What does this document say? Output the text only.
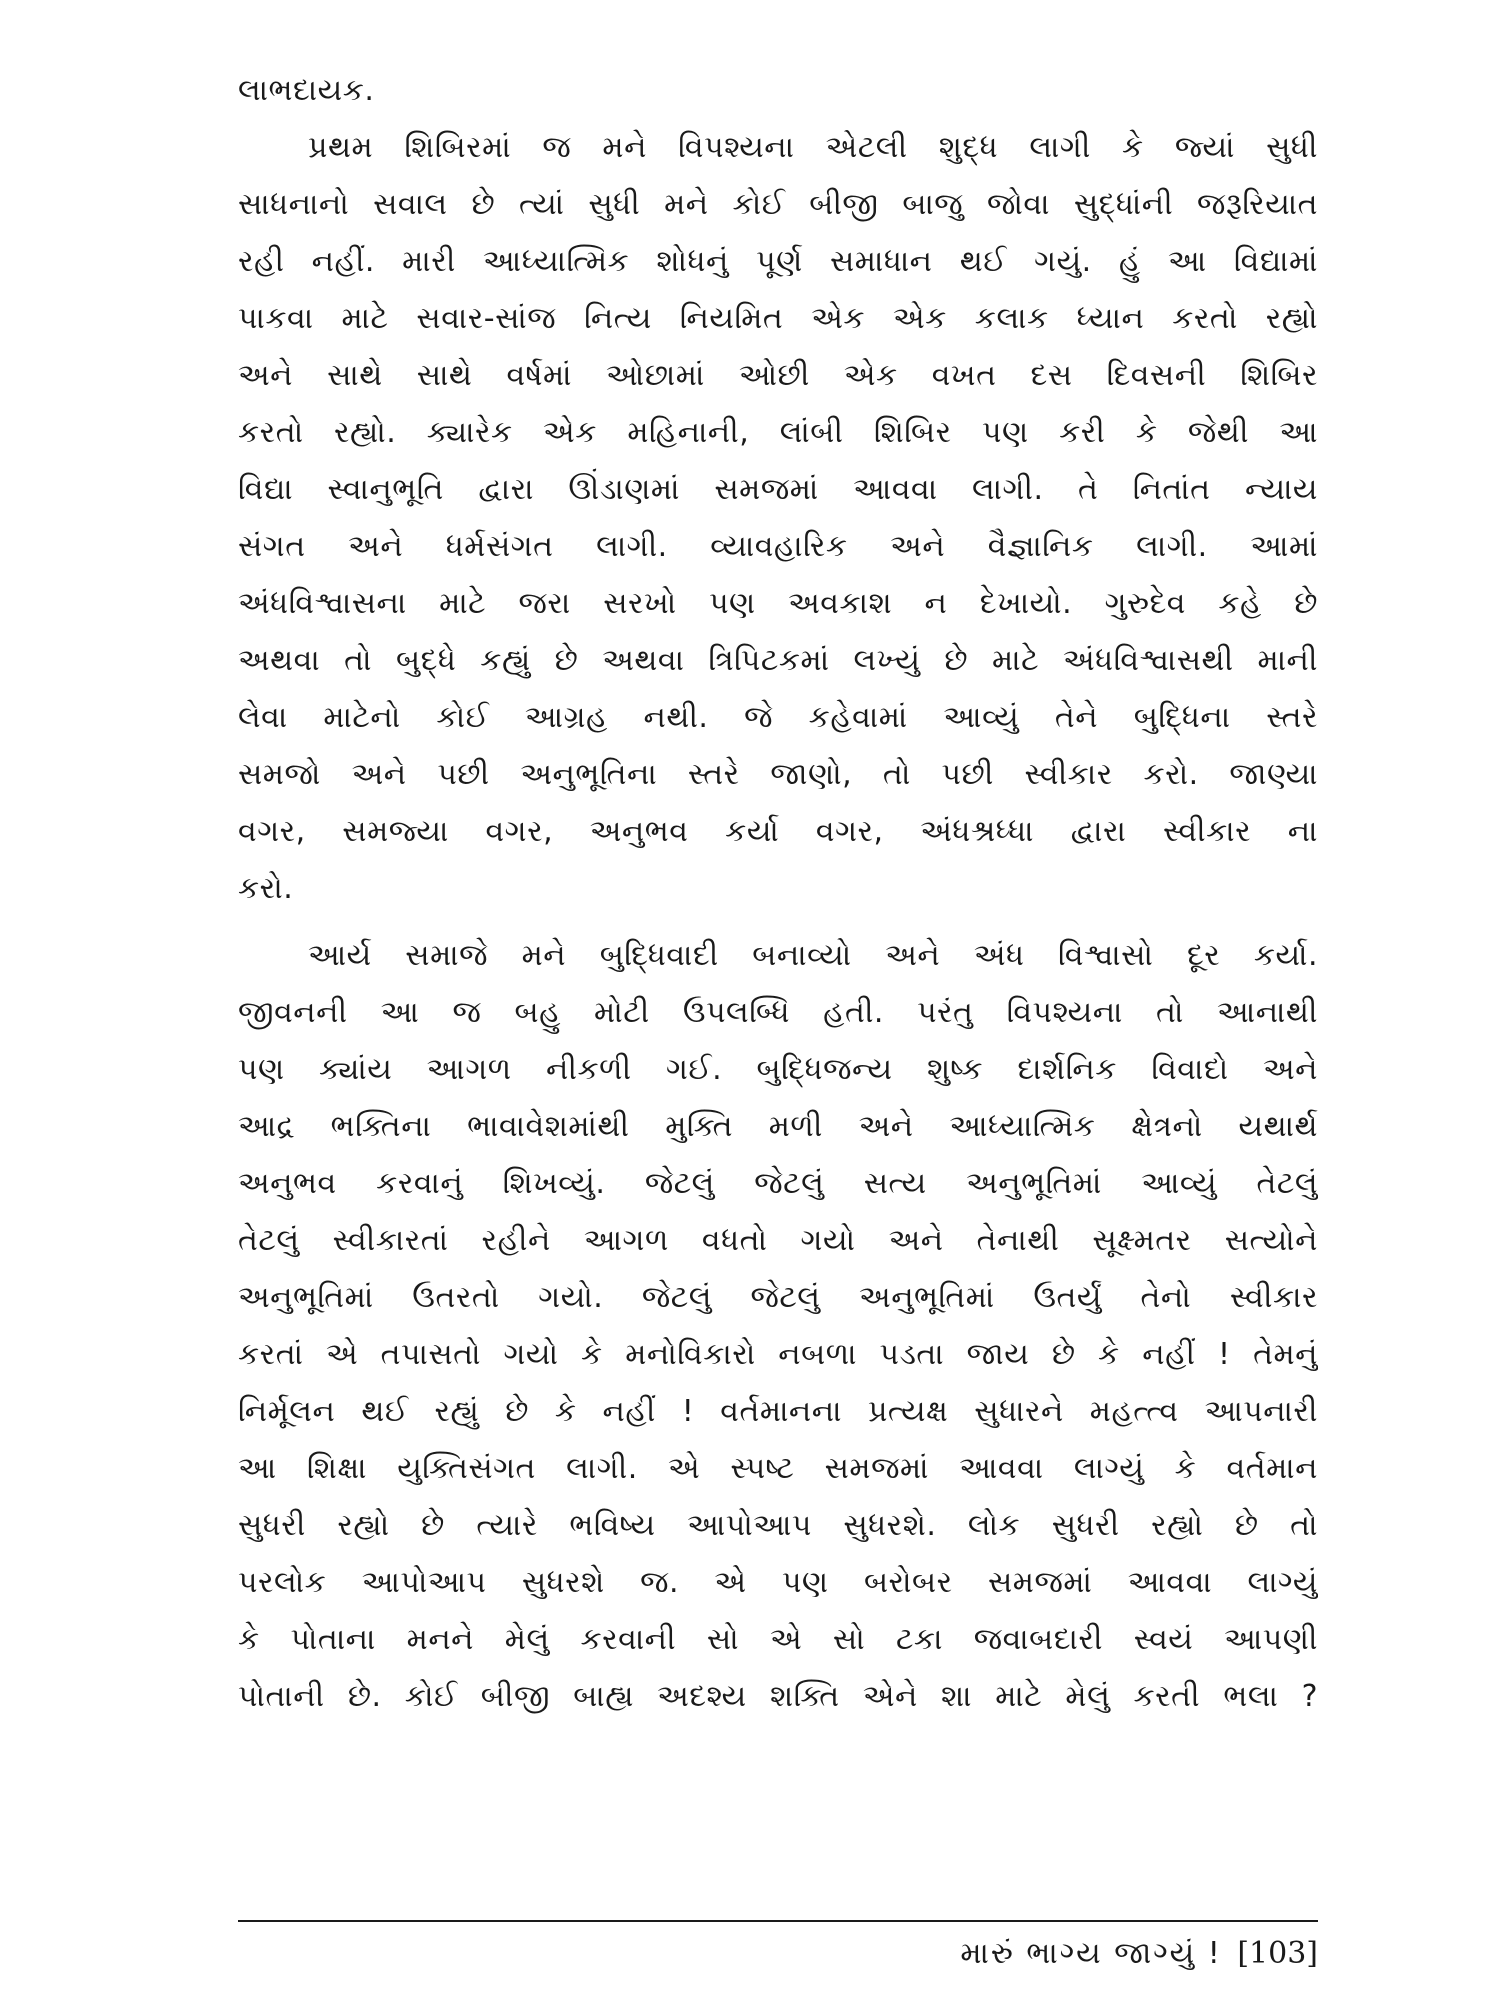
લાભદાયક.
પ્રથમ શિબિરમાં જ મને વિપશ્યના એટલી શુદ્ધ લાગી કે જ્યાં સુધી
સાધનાનો સવાલ છે ત્યાં સુધી મને કોઈ બીજી બાજુ જોવા સુદ્ધાંની જરૂરિયાત
રહી નહીં. મારી આધ્યાત્મિક શોધનું પૂર્ણ સમાધાન થઈ ગયું. હું આ વિદ્યામાં
પાકવા માટે સવાર-સાંજ નિત્ય નિયમિત એક એક કલાક ધ્યાન કરતો રહ્યો
અને સાથે સાથે વર્ષમાં ઓછામાં ઓછી એક વખત દસ દિવસની શિબિર
કરતો રહ્યો. ક્યારેક એક મહિનાની, લાંબી શિબિર પણ કરી કે જેથી આ
વિદ્યા સ્વાનુભૂતિ દ્વારા ઊંડાણમાં સમજમાં આવવા લાગી. તે નિતાંત ન્યાય
સંગત અને ધર્મસંગત લાગી. વ્યાવહારિક અને વૈજ્ઞાનિક લાગી. આમાં
અંધવિશ્વાસના માટે જરા સરખો પણ અવકાશ ન દેખાયો. ગુરુદેવ કહે છે
અથવા તો બુદ્ધે કહ્યું છે અથવા ત્રિપિટકમાં લખ્યું છે માટે અંધવિશ્વાસથી માની
લેવા માટેનો કોઈ આગ્રહ નથી. જે કહેવામાં આવ્યું તેને બુદ્ધિના સ્તરે
સમજો અને પછી અનુભૂતિના સ્તરે જાણો, તો પછી સ્વીકાર કરો. જાણ્યા
વગર, સમજ્યા વગર, અનુભવ કર્યા વગર, અંધશ્રધ્ધા દ્વારા સ્વીકાર ના
કરો.
આર્ય સમાજે મને બુદ્ધિવાદી બનાવ્યો અને અંધ વિશ્વાસો દૂર કર્યા.
જીવનની આ જ બહુ મોટી ઉપલબ્ધિ હતી. પરંતુ વિપશ્યના તો આનાથી
પણ ક્યાંય આગળ નીકળી ગઈ. બુદ્ધિજન્ય શુષ્ક દાર્શનિક વિવાદો અને
આદ્ર ભક્તિના ભાવાવેશમાંથી મુક્તિ મળી અને આધ્યાત્મિક ક્ષેત્રનો યથાર્થ
અનુભવ કરવાનું શિખવ્યું. જેટલું જેટલું સત્ય અનુભૂતિમાં આવ્યું તેટલું
તેટલું સ્વીકારતાં રહીને આગળ વધતો ગયો અને તેનાથી સૂક્ષ્મતર સત્યોને
અનુભૂતિમાં ઉતરતો ગયો. જેટલું જેટલું અનુભૂતિમાં ઉતર્યું તેનો સ્વીકાર
કરતાં એ તપાસતો ગયો કે મનોવિકારો નબળા પડતા જાય છે કે નહીં ! તેમનું
નિર્મૂલન થઈ રહ્યું છે કે નહીં ! વર્તમાનના પ્રત્યક્ષ સુધારને મહત્ત્વ આપનારી
આ શિક્ષા યુક્તિસંગત લાગી. એ સ્પષ્ટ સમજમાં આવવા લાગ્યું કે વર્તમાન
સુધરી રહ્યો છે ત્યારે ભવિષ્ય આપોઆપ સુધરશે. લોક સુધરી રહ્યો છે તો
પરલોક આપોઆપ સુધરશે જ. એ પણ બરોબર સમજમાં આવવા લાગ્યું
કે પોતાના મનને મેલું કરવાની સો એ સો ટકા જવાબદારી સ્વયં આપણી
પોતાની છે. કોઈ બીજી બાહ્ય અદશ્ય શક્તિ એને શા માટે મેલું કરતી ભલા ?
મારું ભાગ્ય જાગ્યું ! [103]
